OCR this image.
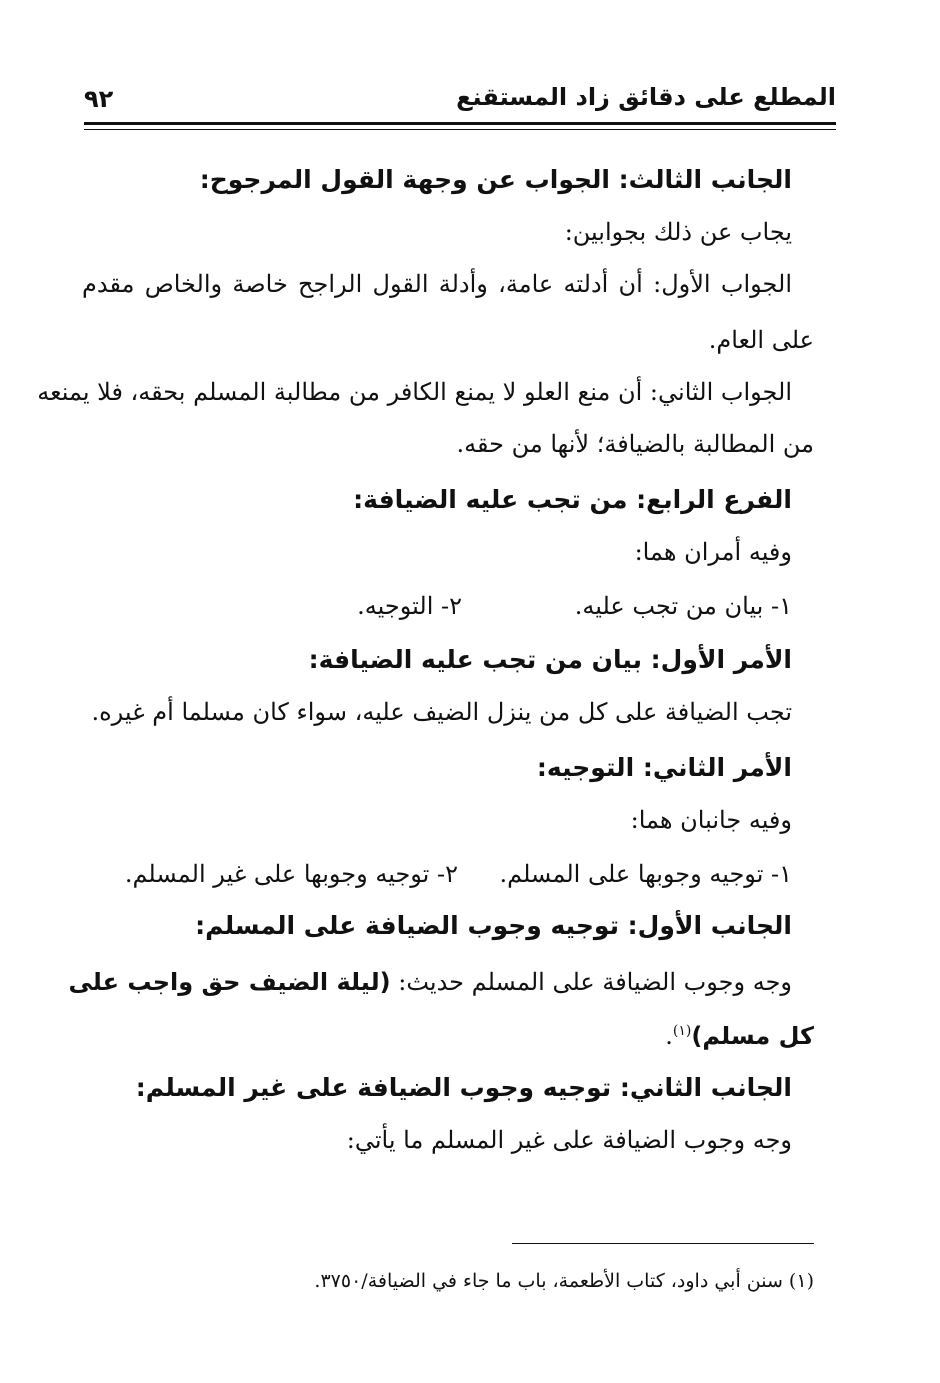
المطلع على دقائق زاد المستقنع
٩٢
الجانب الثالث: الجواب عن وجهة القول المرجوح:
يجاب عن ذلك بجوابين:
الجواب الأول: أن أدلته عامة، وأدلة القول الراجح خاصة والخاص مقدم
على العام.
الجواب الثاني: أن منع العلو لا يمنع الكافر من مطالبة المسلم بحقه، فلا يمنعه
من المطالبة بالضيافة؛ لأنها من حقه.
الفرع الرابع: من تجب عليه الضيافة:
وفيه أمران هما:
١- بيان من تجب عليه.
٢- التوجيه.
الأمر الأول: بيان من تجب عليه الضيافة:
تجب الضيافة على كل من ينزل الضيف عليه، سواء كان مسلما أم غيره.
الأمر الثاني: التوجيه:
وفيه جانبان هما:
١- توجيه وجوبها على المسلم.
٢- توجيه وجوبها على غير المسلم.
الجانب الأول: توجيه وجوب الضيافة على المسلم:
وجه وجوب الضيافة على المسلم حديث: (ليلة الضيف حق واجب على
كل مسلم)$^{(١)}$.
الجانب الثاني: توجيه وجوب الضيافة على غير المسلم:
وجه وجوب الضيافة على غير المسلم ما يأتي:
(١) سنن أبي داود، كتاب الأطعمة، باب ما جاء في الضيافة/٣٧٥٠.
